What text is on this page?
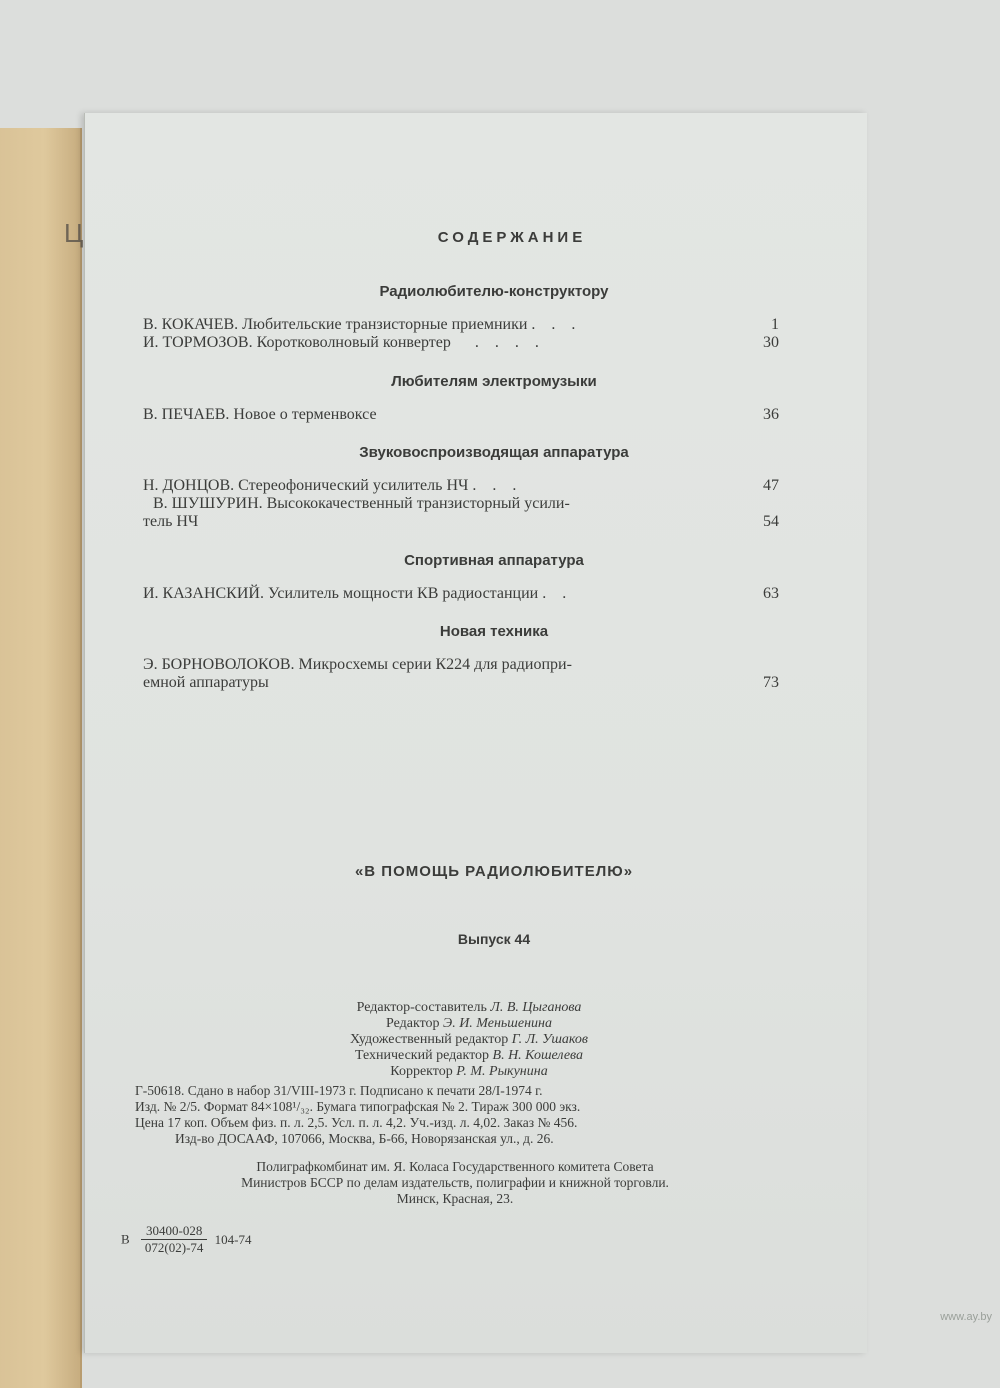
Ц	СОДЕРЖАНИЕ
Радиолюбителю-конструктору
В. КОКАЧЕВ. Любительские транзисторные приемники . . .	1
И. ТОРМОЗОВ. Коротковолновый конвертер . . . .	30
Любителям электромузыки
В. ПЕЧАЕВ. Новое о терменвоксе	36
Звуковоспроизводящая аппаратура
Н. ДОНЦОВ. Стереофонический усилитель НЧ . . .	47
В. ШУШУРИН. Высококачественный транзисторный усили-
тель НЧ	54
Спортивная аппаратура
И. КАЗАНСКИЙ. Усилитель мощности КВ радиостанции . .	63
Новая техника
Э. БОРНОВОЛОКОВ. Микросхемы серии К224 для радиопри-
емной аппаратуры	73
«В ПОМОЩЬ РАДИОЛЮБИТЕЛЮ»
Выпуск 44
Редактор-составитель Л. В. Цыганова
Редактор Э. И. Меньшенина
Художественный редактор Г. Л. Ушаков
Технический редактор В. Н. Кошелева
Корректор Р. М. Рыкунина
Г-50618. Сдано в набор 31/VIII-1973 г. Подписано к печати 28/I-1974 г.
Изд. № 2/5. Формат 84×108¹/₃₂. Бумага типографская № 2. Тираж 300 000 экз.
Цена 17 коп. Объем физ. п. л. 2,5. Усл. п. л. 4,2. Уч.-изд. л. 4,02. Заказ № 456.
Изд-во ДОСААФ, 107066, Москва, Б-66, Новорязанская ул., д. 26.
Полиграфкомбинат им. Я. Коласа Государственного комитета Совета
Министров БССР по делам издательств, полиграфии и книжной торговли.
Минск, Красная, 23.
В $\frac{30400-028}{072(02)-74} 104-74$
www.ay.by
